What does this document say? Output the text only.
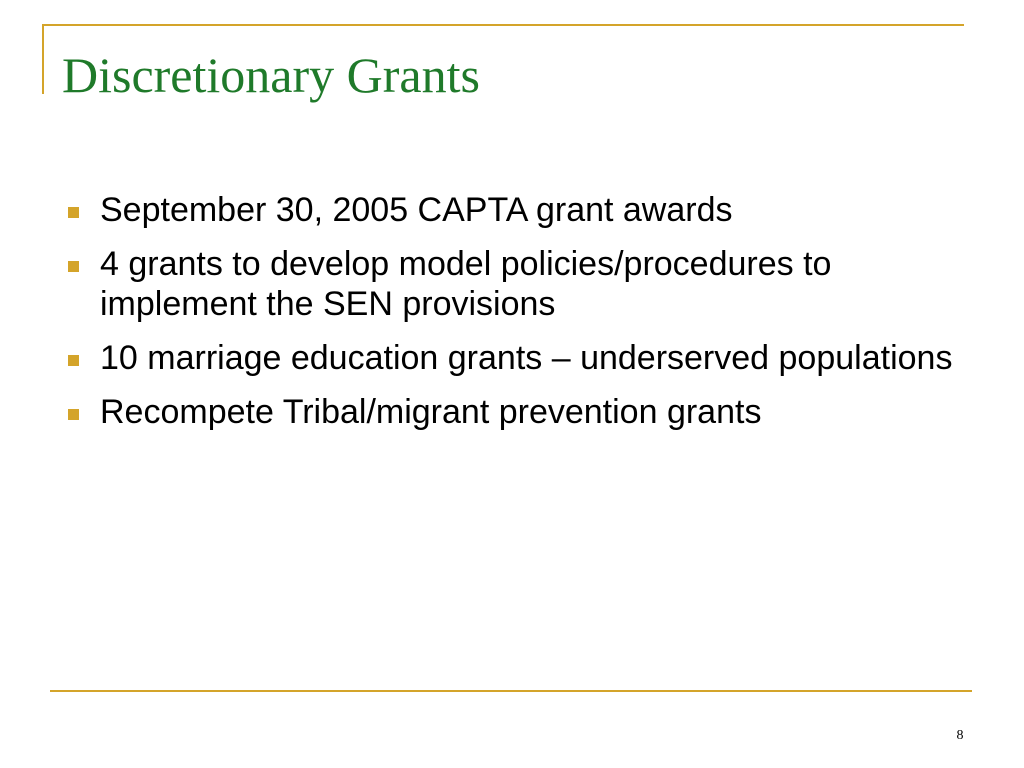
Discretionary Grants
September 30, 2005 CAPTA grant awards
4 grants to develop model policies/procedures to implement the SEN provisions
10 marriage education grants – underserved populations
Recompete Tribal/migrant prevention grants
8
